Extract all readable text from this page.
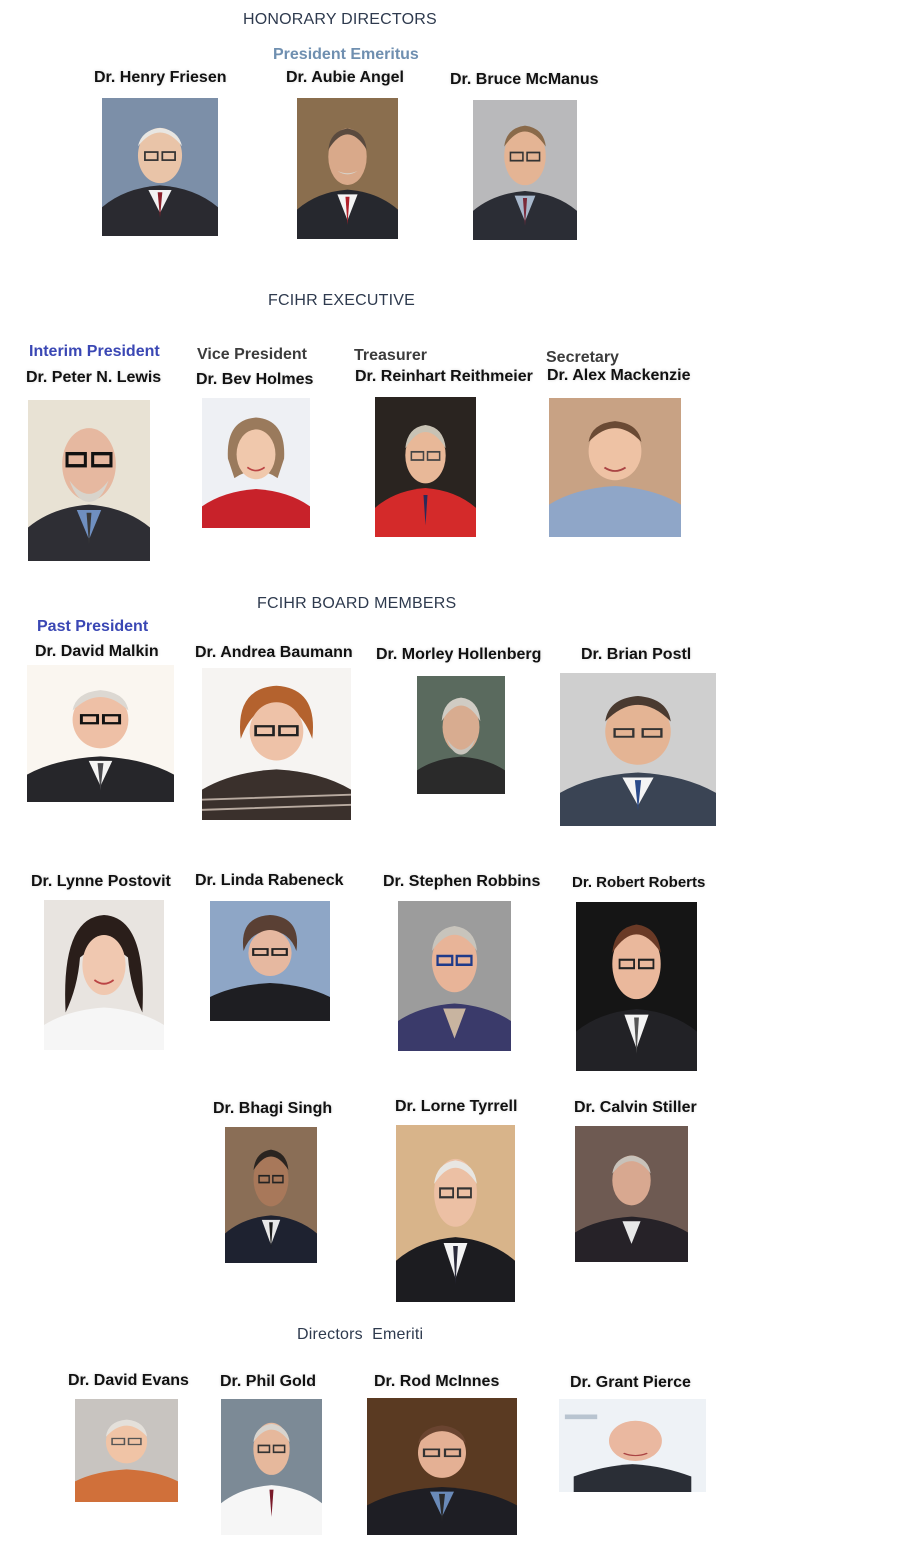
HONORARY DIRECTORS
FCIHR EXECUTIVE
FCIHR BOARD MEMBERS
Directors  Emeriti
President Emeritus
Interim President Vice President	Treasurer	Secretary
Past President
Dr. Henry Friesen	Dr. Aubie Angel	Dr. Bruce McManus
Dr. Peter N. Lewis Dr. Bev Holmes	Dr. Reinhart Reithmeier Dr. Alex Mackenzie
Dr. David Malkin Dr. Andrea Baumann Dr. Morley Hollenberg Dr. Brian Postl
Dr. Lynne Postovit Dr. Linda Rabeneck Dr. Stephen Robbins Dr. Robert Roberts
Dr. Bhagi Singh	Dr. Lorne Tyrrell	Dr. Calvin Stiller
Dr. David Evans Dr. Phil Gold	Dr. Rod McInnes	Dr. Grant Pierce
